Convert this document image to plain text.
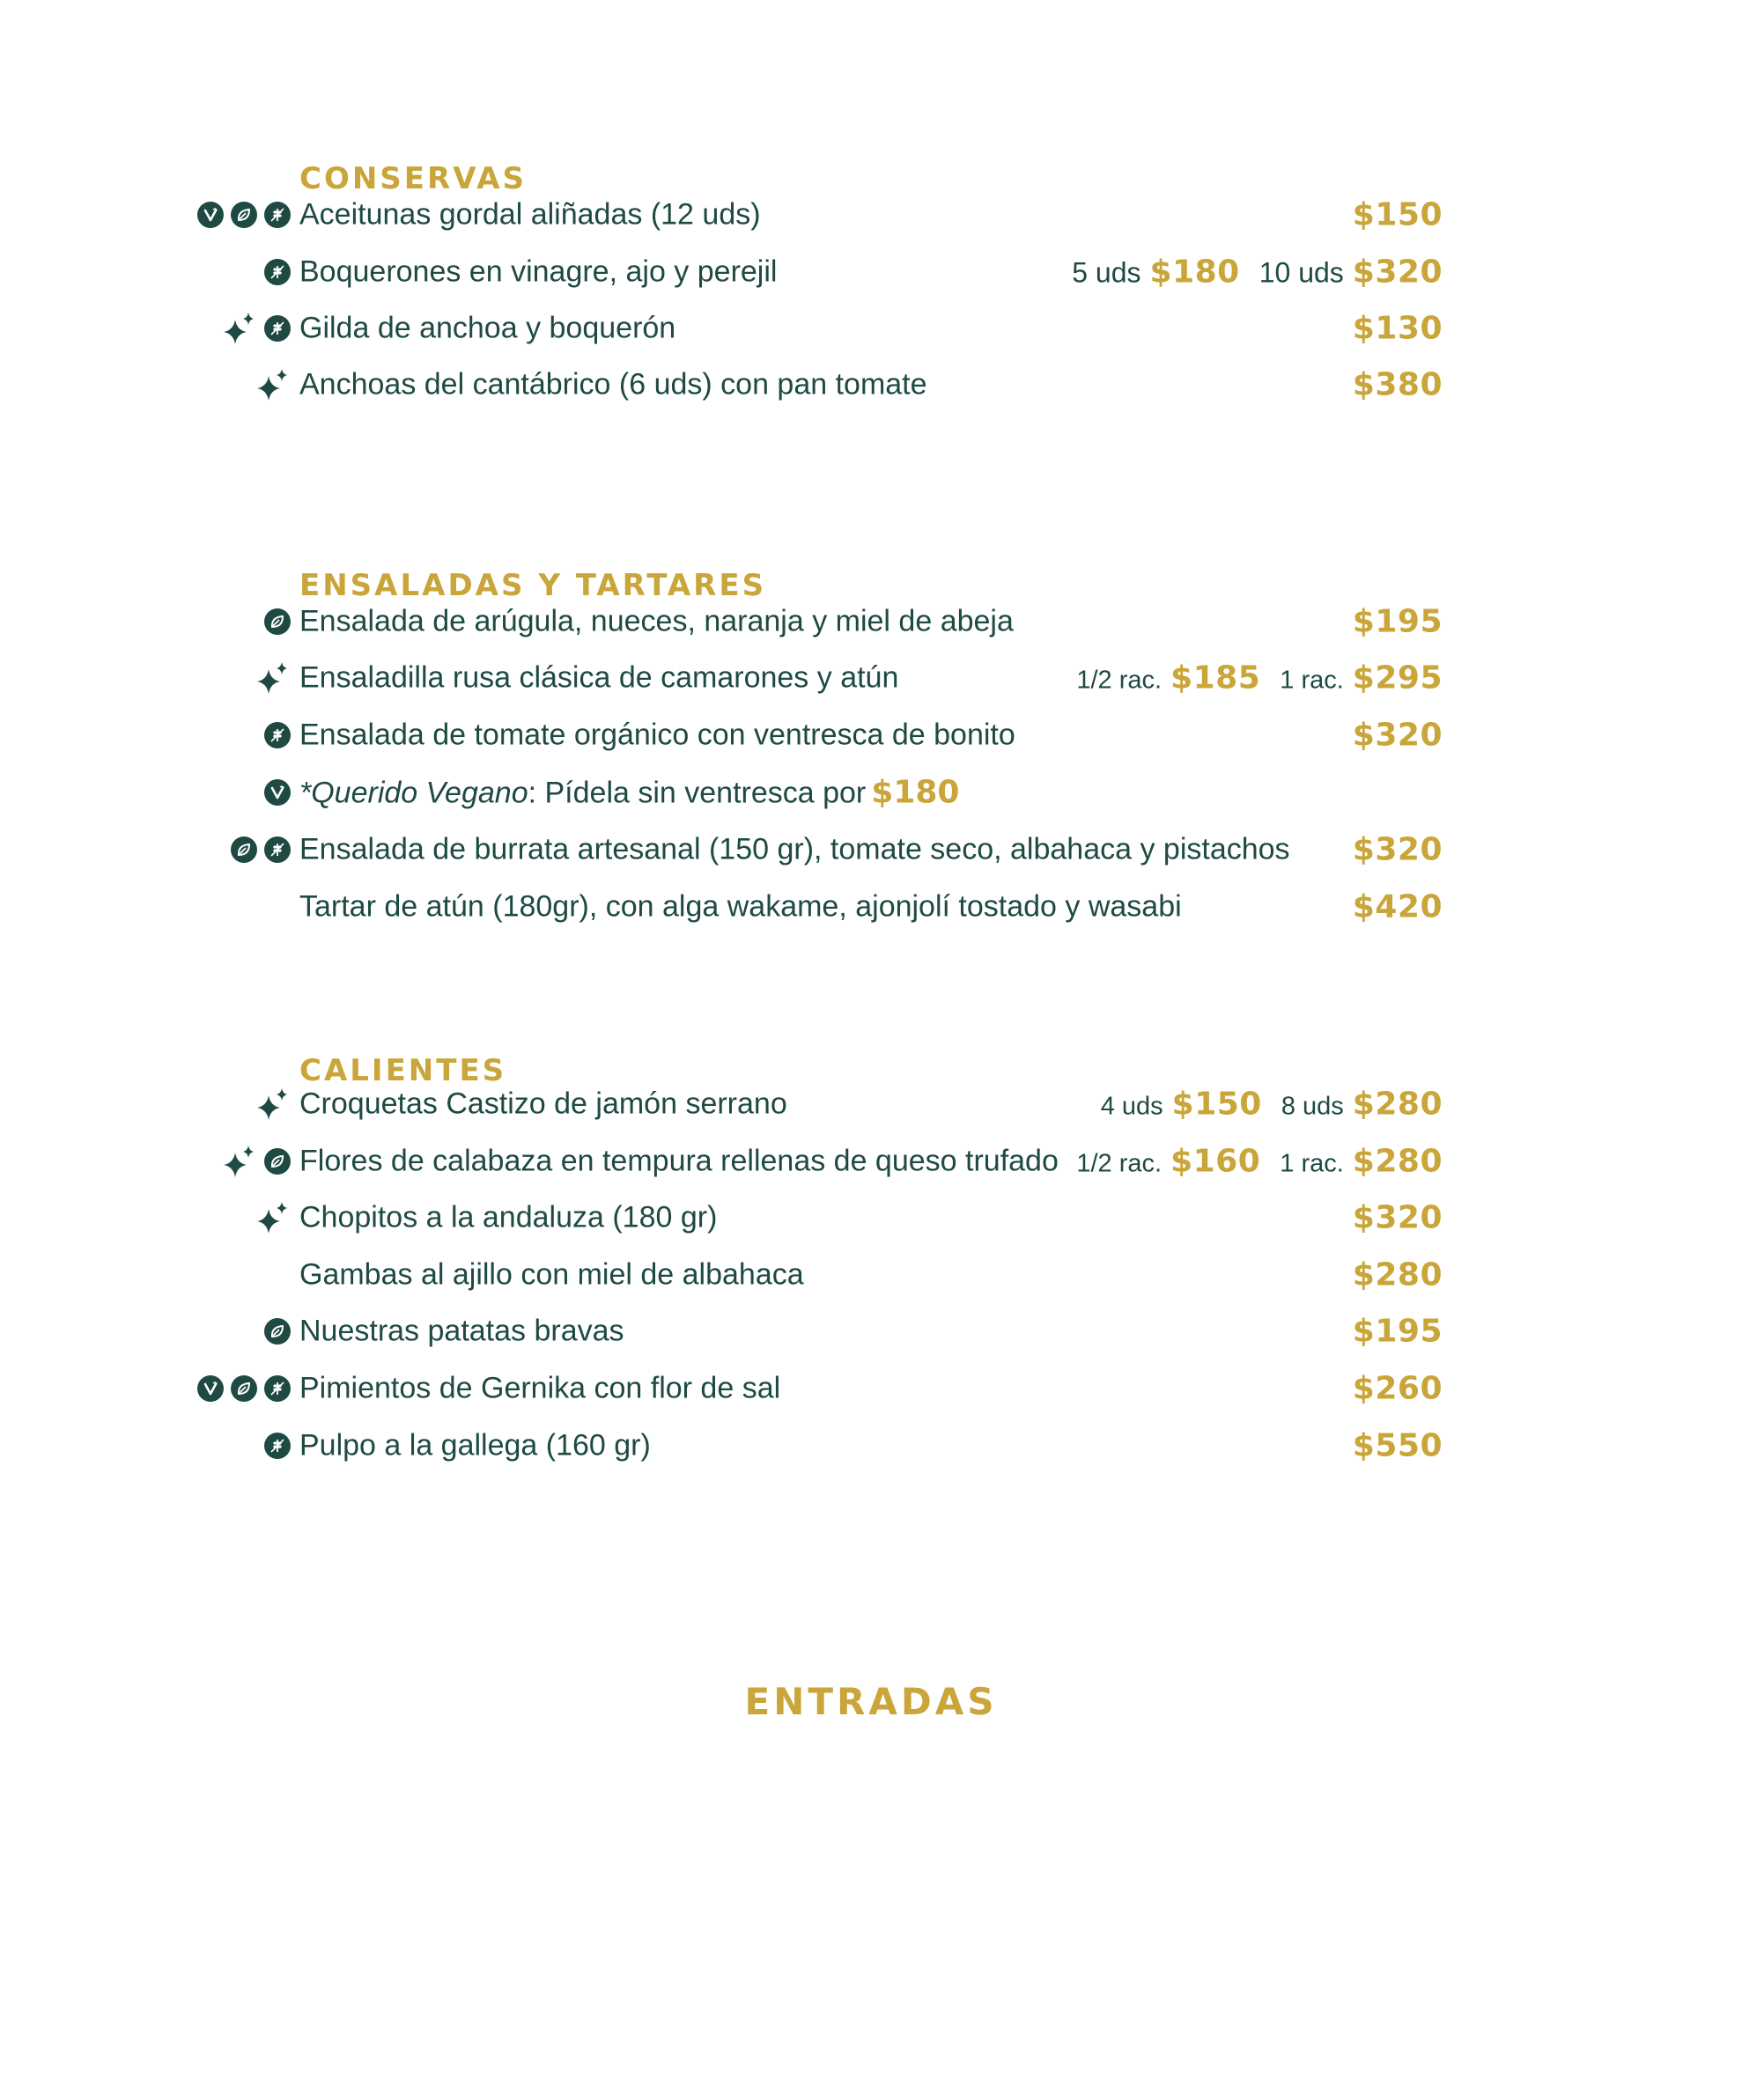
CONSERVAS
Aceitunas gordal aliñadas (12 uds)	$150
Boquerones en vinagre, ajo y perejil	5 uds $180 10 uds $320
Gilda de anchoa y boquerón	$130
Anchoas del cantábrico (6 uds) con pan tomate	$380
ENSALADAS Y TARTARES
Ensalada de arúgula, nueces, naranja y miel de abeja	$195
Ensaladilla rusa clásica de camarones y atún	1/2 rac. $185 1 rac. $295
Ensalada de tomate orgánico con ventresca de bonito	$320
*Querido Vegano: Pídela sin ventresca por $180
Ensalada de burrata artesanal (150 gr), tomate seco, albahaca y pistachos $320
Tartar de atún (180gr), con alga wakame, ajonjolí tostado y wasabi	$420
CALIENTES
Croquetas Castizo de jamón serrano	4 uds $150 8 uds $280
Flores de calabaza en tempura rellenas de queso trufado 1/2 rac. $160 1 rac. $280
Chopitos a la andaluza (180 gr)	$320
Gambas al ajillo con miel de albahaca	$280
Nuestras patatas bravas	$195
Pimientos de Gernika con flor de sal	$260
Pulpo a la gallega (160 gr)	$550
ENTRADAS
